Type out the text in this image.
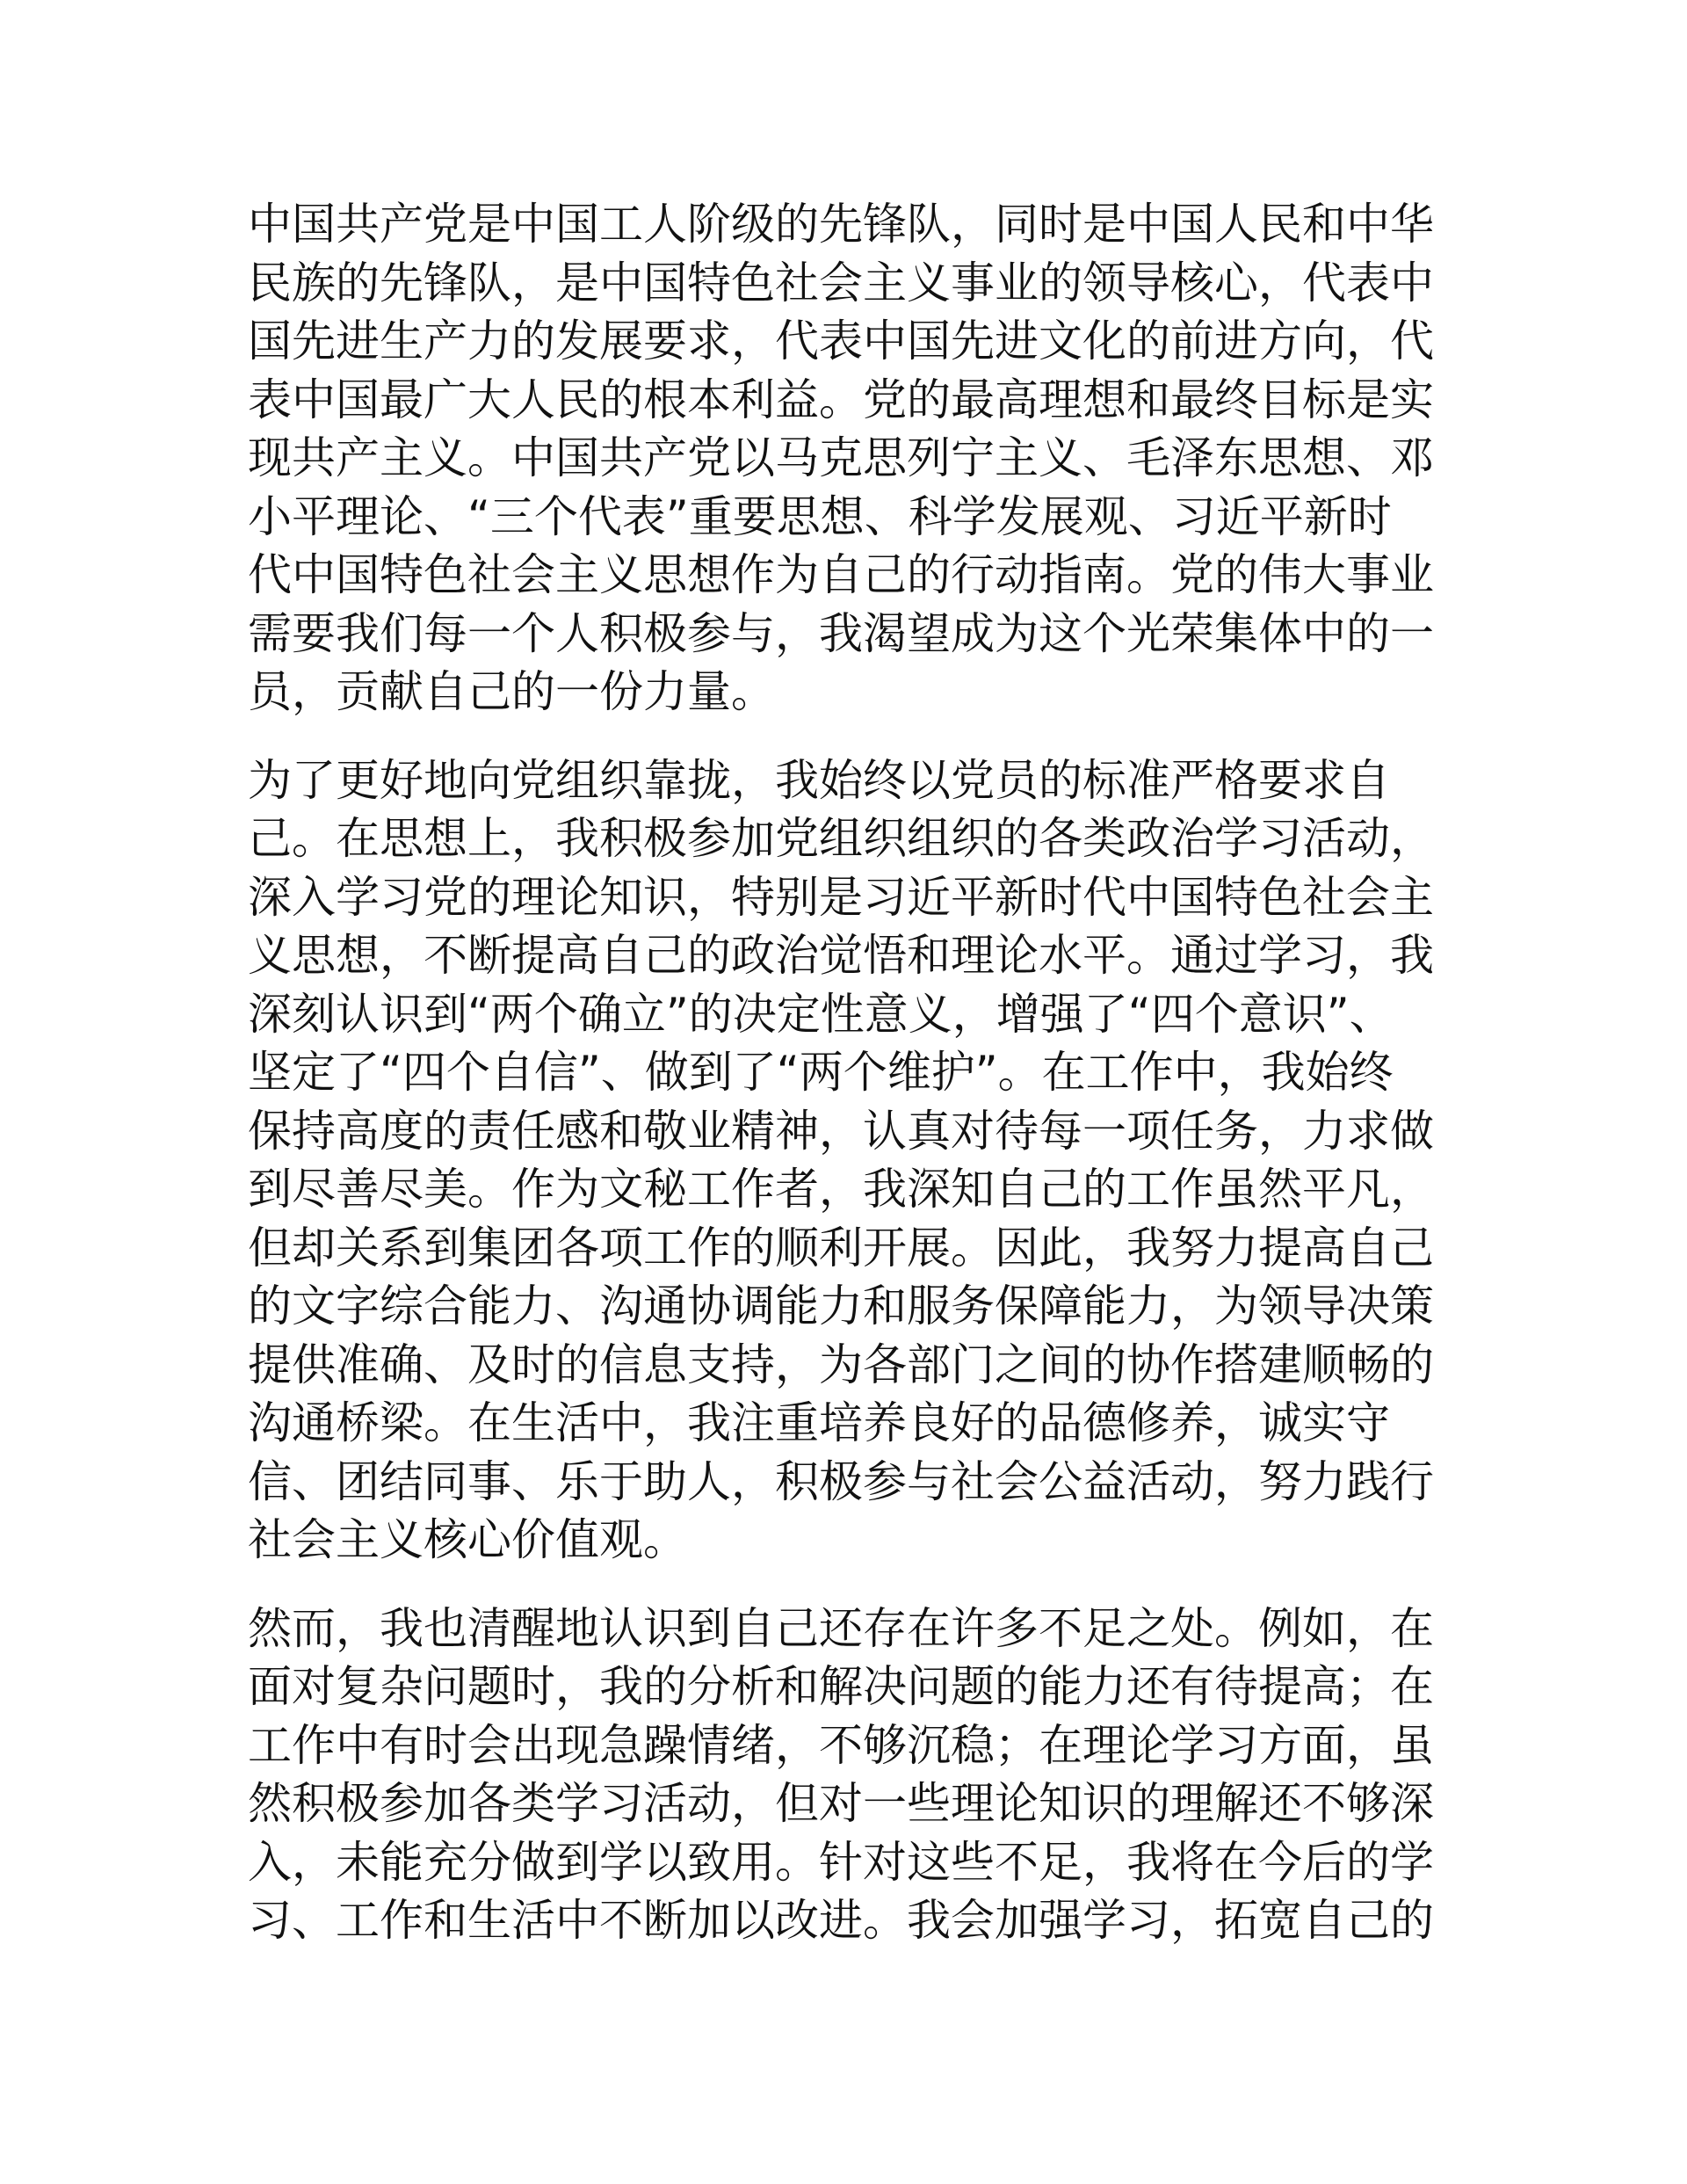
中国共产党是中国工人阶级的先锋队，同时是中国人民和中华
民族的先锋队，是中国特色社会主义事业的领导核心，代表中
国先进生产力的发展要求，代表中国先进文化的前进方向，代
表中国最广大人民的根本利益。党的最高理想和最终目标是实
现共产主义。中国共产党以马克思列宁主义、毛泽东思想、邓
小平理论、“三个代表”重要思想、科学发展观、习近平新时
代中国特色社会主义思想作为自己的行动指南。党的伟大事业
需要我们每一个人积极参与，我渴望成为这个光荣集体中的一
员，贡献自己的一份力量。
为了更好地向党组织靠拢，我始终以党员的标准严格要求自
己。在思想上，我积极参加党组织组织的各类政治学习活动，
深入学习党的理论知识，特别是习近平新时代中国特色社会主
义思想，不断提高自己的政治觉悟和理论水平。通过学习，我
深刻认识到“两个确立”的决定性意义，增强了“四个意识”、
坚定了“四个自信”、做到了“两个维护”。在工作中，我始终
保持高度的责任感和敬业精神，认真对待每一项任务，力求做
到尽善尽美。作为文秘工作者，我深知自己的工作虽然平凡，
但却关系到集团各项工作的顺利开展。因此，我努力提高自己
的文字综合能力、沟通协调能力和服务保障能力，为领导决策
提供准确、及时的信息支持，为各部门之间的协作搭建顺畅的
沟通桥梁。在生活中，我注重培养良好的品德修养，诚实守
信、团结同事、乐于助人，积极参与社会公益活动，努力践行
社会主义核心价值观。
然而，我也清醒地认识到自己还存在许多不足之处。例如，在
面对复杂问题时，我的分析和解决问题的能力还有待提高；在
工作中有时会出现急躁情绪，不够沉稳；在理论学习方面，虽
然积极参加各类学习活动，但对一些理论知识的理解还不够深
入，未能充分做到学以致用。针对这些不足，我将在今后的学
习、工作和生活中不断加以改进。我会加强学习，拓宽自己的
